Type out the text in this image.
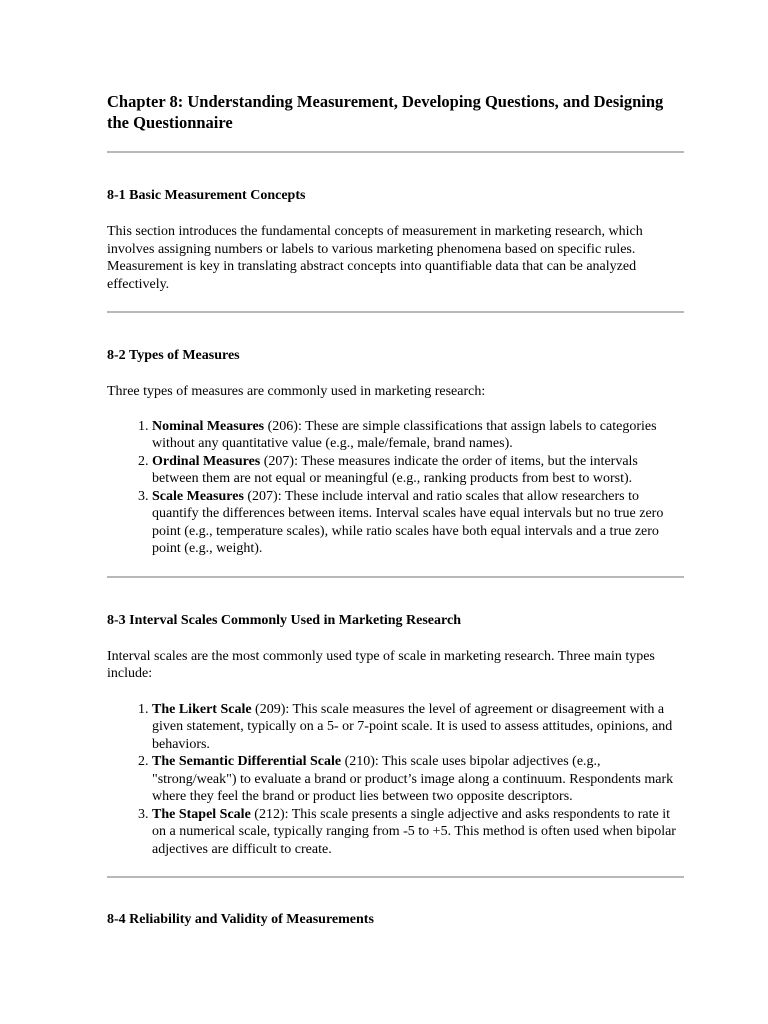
Chapter 8: Understanding Measurement, Developing Questions, and Designing the Questionnaire
8-1 Basic Measurement Concepts

This section introduces the fundamental concepts of measurement in marketing research, which involves assigning numbers or labels to various marketing phenomena based on specific rules. Measurement is key in translating abstract concepts into quantifiable data that can be analyzed effectively.

8-2 Types of Measures

Three types of measures are commonly used in marketing research:

1. Nominal Measures (206): These are simple classifications that assign labels to categories without any quantitative value (e.g., male/female, brand names).
2. Ordinal Measures (207): These measures indicate the order of items, but the intervals between them are not equal or meaningful (e.g., ranking products from best to worst).
3. Scale Measures (207): These include interval and ratio scales that allow researchers to quantify the differences between items. Interval scales have equal intervals but no true zero point (e.g., temperature scales), while ratio scales have both equal intervals and a true zero point (e.g., weight).
8-3 Interval Scales Commonly Used in Marketing Research

Interval scales are the most commonly used type of scale in marketing research. Three main types include:

1. The Likert Scale (209): This scale measures the level of agreement or disagreement with a given statement, typically on a 5- or 7-point scale. It is used to assess attitudes, opinions, and behaviors.
2. The Semantic Differential Scale (210): This scale uses bipolar adjectives (e.g., "strong/weak") to evaluate a brand or product’s image along a continuum. Respondents mark where they feel the brand or product lies between two opposite descriptors.
3. The Stapel Scale (212): This scale presents a single adjective and asks respondents to rate it on a numerical scale, typically ranging from -5 to +5. This method is often used when bipolar adjectives are difficult to create.
8-4 Reliability and Validity of Measurements
